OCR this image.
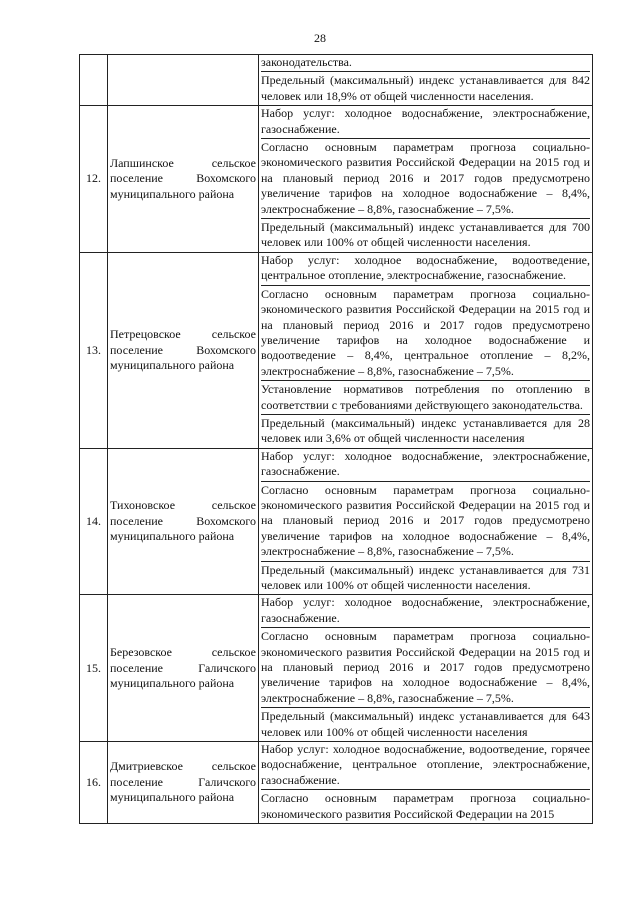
28

		законодательства.
Предельный (максимальный) индекс устанавливается для 842 человек или 18,9% от общей численности населения.

12.	Лапшинское сельское поселение Вохомского муниципального района	Набор услуг: холодное водоснабжение, электроснабжение, газоснабжение.
Согласно основным параметрам прогноза социально-экономического развития Российской Федерации на 2015 год и на плановый период 2016 и 2017 годов предусмотрено увеличение тарифов на холодное водоснабжение – 8,4%, электроснабжение – 8,8%, газоснабжение – 7,5%.
Предельный (максимальный) индекс устанавливается для 700 человек или 100% от общей численности населения.

13.	Петрецовское сельское поселение Вохомского муниципального района	Набор услуг: холодное водоснабжение, водоотведение, центральное отопление, электроснабжение, газоснабжение.
Согласно основным параметрам прогноза социально-экономического развития Российской Федерации на 2015 год и на плановый период 2016 и 2017 годов предусмотрено увеличение тарифов на холодное водоснабжение и водоотведение – 8,4%, центральное отопление – 8,2%, электроснабжение – 8,8%, газоснабжение – 7,5%.
Установление нормативов потребления по отоплению в соответствии с требованиями действующего законодательства.
Предельный (максимальный) индекс устанавливается для 28 человек или 3,6% от общей численности населения

14.	Тихоновское сельское поселение Вохомского муниципального района	Набор услуг: холодное водоснабжение, электроснабжение, газоснабжение.
Согласно основным параметрам прогноза социально-экономического развития Российской Федерации на 2015 год и на плановый период 2016 и 2017 годов предусмотрено увеличение тарифов на холодное водоснабжение – 8,4%, электроснабжение – 8,8%, газоснабжение – 7,5%.
Предельный (максимальный) индекс устанавливается для 731 человек или 100% от общей численности населения.

15.	Березовское сельское поселение Галичского муниципального района	Набор услуг: холодное водоснабжение, электроснабжение, газоснабжение.
Согласно основным параметрам прогноза социально-экономического развития Российской Федерации на 2015 год и на плановый период 2016 и 2017 годов предусмотрено увеличение тарифов на холодное водоснабжение – 8,4%, электроснабжение – 8,8%, газоснабжение – 7,5%.
Предельный (максимальный) индекс устанавливается для 643 человек или 100% от общей численности населения

16.	Дмитриевское сельское поселение Галичского муниципального района	Набор услуг: холодное водоснабжение, водоотведение, горячее водоснабжение, центральное отопление, электроснабжение, газоснабжение.
Согласно основным параметрам прогноза социально-экономического развития Российской Федерации на 2015
